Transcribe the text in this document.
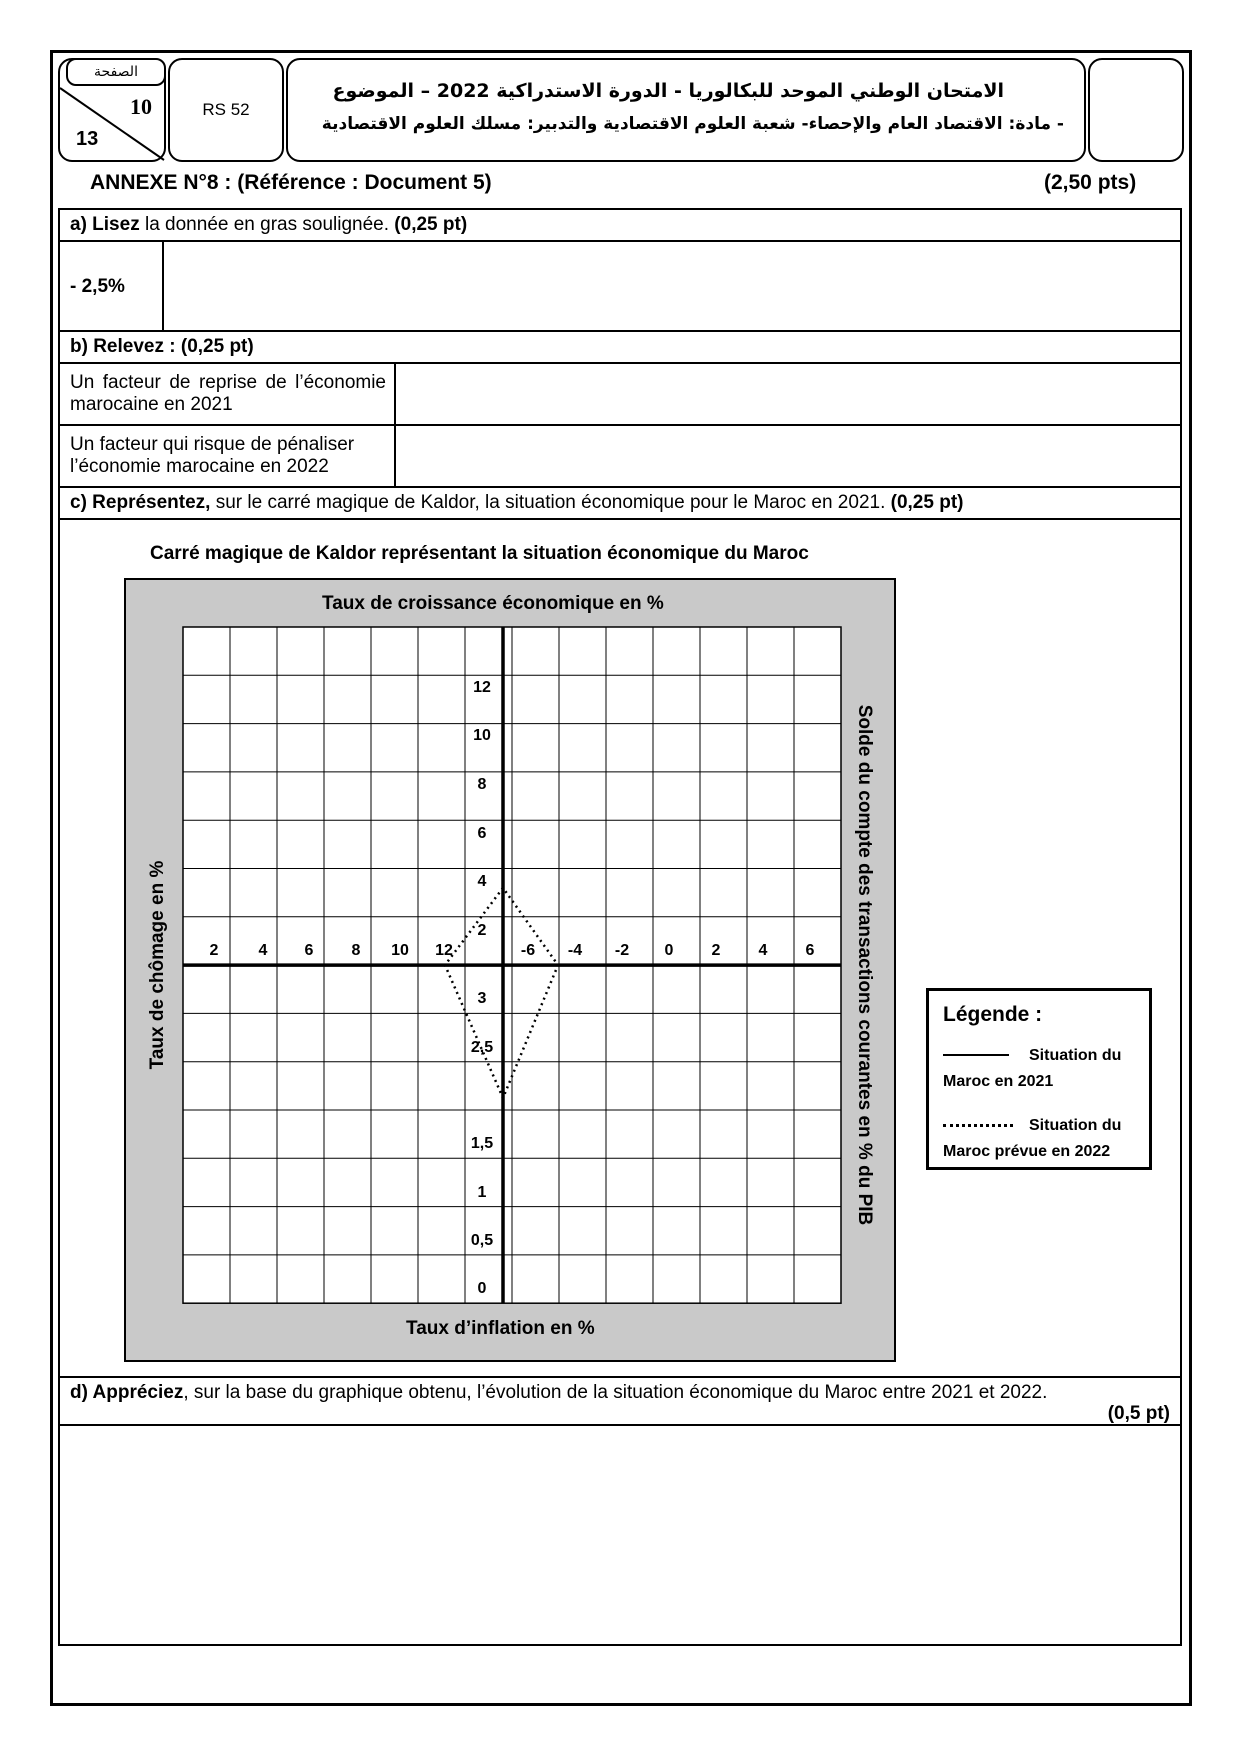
الصفحة
10
13
RS 52
الامتحان الوطني الموحد للبكالوريا - الدورة الاستدراكية 2022 – الموضوع
- مادة: الاقتصاد العام والإحصاء- شعبة العلوم الاقتصادية والتدبير: مسلك العلوم الاقتصادية
ANNEXE N°8 : (Référence : Document 5)	(2,50 pts)
a) Lisez la donnée en gras soulignée. (0,25 pt)
- 2,5%
b) Relevez : (0,25 pt)
Un facteur de reprise de l’économie marocaine en 2021
Un facteur qui risque de pénaliser l’économie marocaine en 2022
c) Représentez, sur le carré magique de Kaldor, la situation économique pour le Maroc en 2021. (0,25 pt)
Carré magique de Kaldor représentant la situation économique du Maroc
Taux de croissance économique en %
Taux d’inflation en %
Taux de chômage en %	Solde du compte des transactions courantes en % du PIB
2
4
6
8
10
12
3
2,5
1,5
1
0,5
0
12
10
8
6
4
2	-6 -4 -2 0 2 4 6
Légende :
Situation du Maroc en 2021
Situation du Maroc prévue en 2022
d) Appréciez, sur la base du graphique obtenu, l’évolution de la situation économique du Maroc entre 2021 et 2022.
(0,5 pt)
